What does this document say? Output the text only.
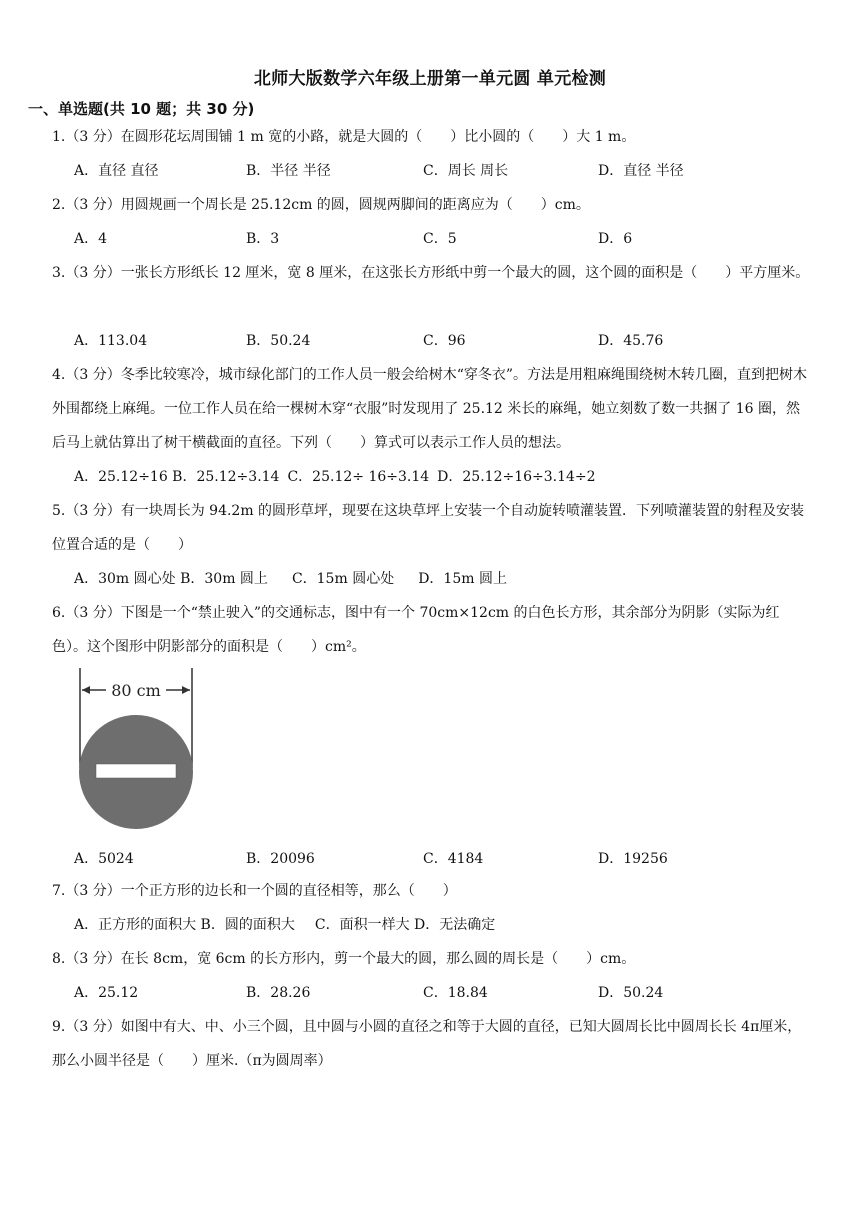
北师大版数学六年级上册第一单元圆 单元检测
一、单选题(共 10 题；共 30 分)
1.（3 分）在圆形花坛周围铺 1 m 宽的小路，就是大圆的（　　）比小圆的（　　）大 1 m。
A．直径 直径	B．半径 半径	C．周长 周长	D．直径 半径
2.（3 分）用圆规画一个周长是 25.12cm 的圆，圆规两脚间的距离应为（　　）cm。
A．4	B．3	C．5	D．6
3.（3 分）一张长方形纸长 12 厘米，宽 8 厘米，在这张长方形纸中剪一个最大的圆，这个圆的面积是（　　）平方厘米。
A．113.04	B．50.24	C．96	D．45.76
4.（3 分）冬季比较寒冷，城市绿化部门的工作人员一般会给树木“穿冬衣”。方法是用粗麻绳围绕树木转几圈，直到把树木外围都绕上麻绳。一位工作人员在给一棵树木穿“衣服”时发现用了 25.12 米长的麻绳，她立刻数了数一共捆了 16 圈，然后马上就估算出了树干横截面的直径。下列（　　）算式可以表示工作人员的想法。
A．25.12÷16 B．25.12÷3.14 C．25.12÷ 16÷3.14 D．25.12÷16÷3.14÷2
5.（3 分）有一块周长为 94.2m 的圆形草坪，现要在这块草坪上安装一个自动旋转喷灌装置．下列喷灌装置的射程及安装位置合适的是（　　）
A．30m 圆心处 B．30m 圆上 C．15m 圆心处 D．15m 圆上
6.（3 分）下图是一个“禁止驶入”的交通标志，图中有一个 70cm×12cm 的白色长方形，其余部分为阴影（实际为红色）。这个图形中阴影部分的面积是（　　）cm²。
80 cm
A．5024	B．20096	C．4184	D．19256
7.（3 分）一个正方形的边长和一个圆的直径相等，那么（　　）
A．正方形的面积大 B．圆的面积大 C．面积一样大 D．无法确定
8.（3 分）在长 8cm，宽 6cm 的长方形内，剪一个最大的圆，那么圆的周长是（　　）cm。
A．25.12	B．28.26	C．18.84	D．50.24
9.（3 分）如图中有大、中、小三个圆，且中圆与小圆的直径之和等于大圆的直径，已知大圆周长比中圆周长长 4π厘米，那么小圆半径是（　　）厘米.（π为圆周率）
